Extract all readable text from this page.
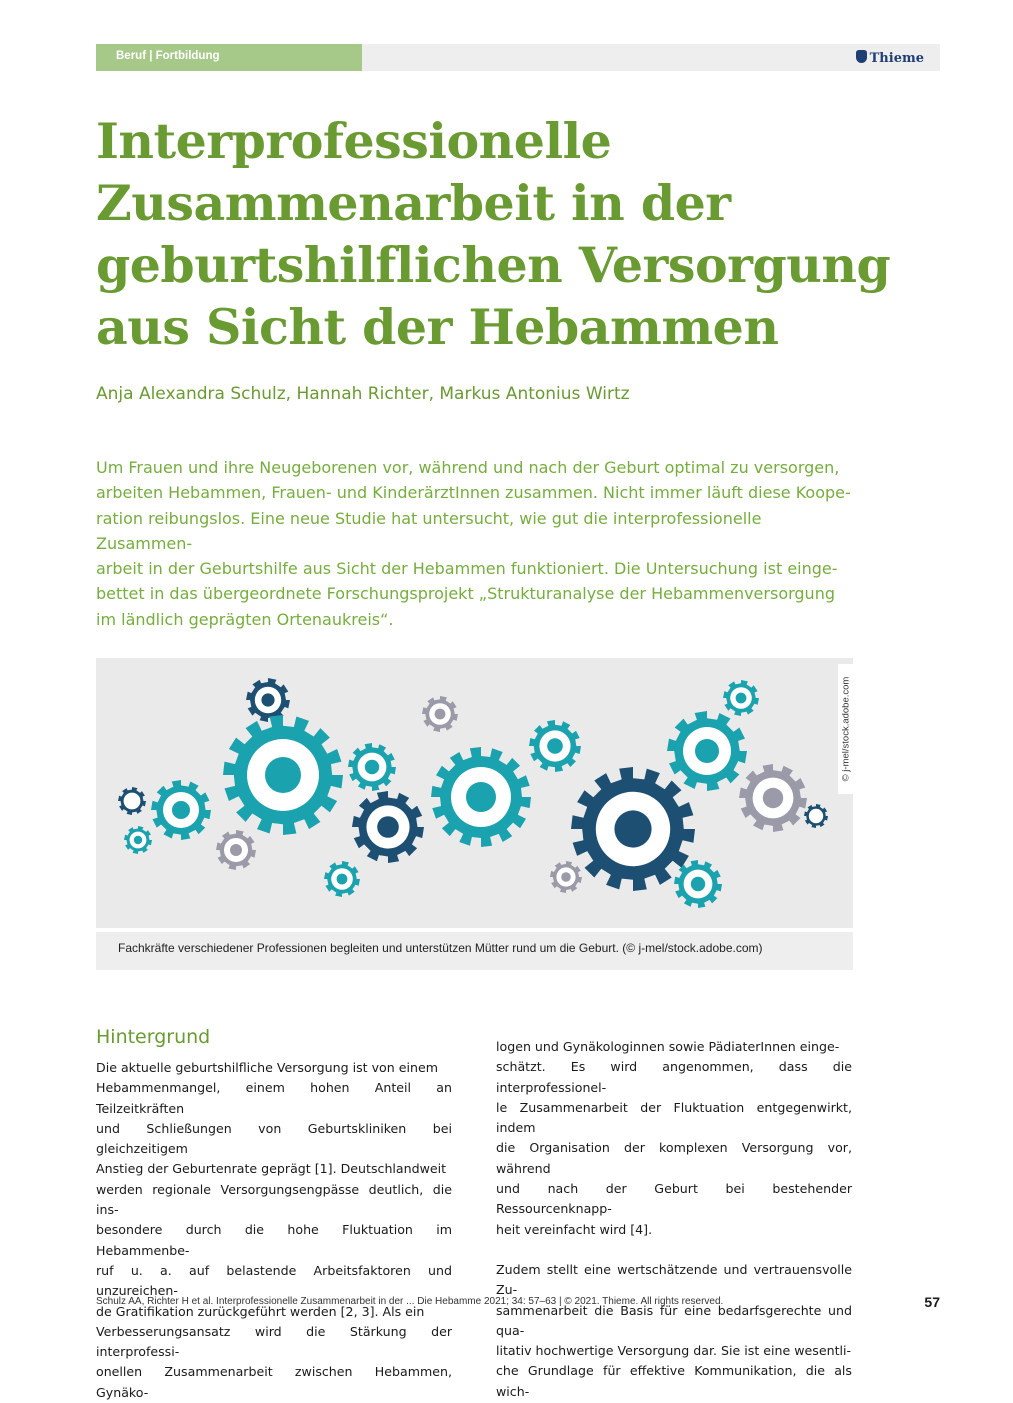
Beruf | Fortbildung	Thieme
Interprofessionelle
Zusammenarbeit in der
geburtshilflichen Versorgung
aus Sicht der Hebammen
Anja Alexandra Schulz, Hannah Richter, Markus Antonius Wirtz
Um Frauen und ihre Neugeborenen vor, während und nach der Geburt optimal zu versorgen,
arbeiten Hebammen, Frauen- und KinderärztInnen zusammen. Nicht immer läuft diese Koope-
ration reibungslos. Eine neue Studie hat untersucht, wie gut die interprofessionelle Zusammen-
arbeit in der Geburtshilfe aus Sicht der Hebammen funktioniert. Die Untersuchung ist einge-
bettet in das übergeordnete Forschungsprojekt „Strukturanalyse der Hebammenversorgung
im ländlich geprägten Ortenaukreis“.
© j-mel/stock.adobe.com
Fachkräfte verschiedener Professionen begleiten und unterstützen Mütter rund um die Geburt. (© j-mel/stock.adobe.com)
Hintergrund
Die aktuelle geburtshilfliche Versorgung ist von einem
Hebammenmangel, einem hohen Anteil an Teilzeitkräften
und Schließungen von Geburtskliniken bei gleichzeitigem
Anstieg der Geburtenrate geprägt [1]. Deutschlandweit
werden regionale Versorgungsengpässe deutlich, die ins-
besondere durch die hohe Fluktuation im Hebammenbe-
ruf u. a. auf belastende Arbeitsfaktoren und unzureichen-
de Gratifikation zurückgeführt werden [2, 3]. Als ein
Verbesserungsansatz wird die Stärkung der interprofessi-
onellen Zusammenarbeit zwischen Hebammen, Gynäko-
logen und Gynäkologinnen sowie PädiaterInnen einge-
schätzt. Es wird angenommen, dass die interprofessionel-
le Zusammenarbeit der Fluktuation entgegenwirkt, indem
die Organisation der komplexen Versorgung vor, während
und nach der Geburt bei bestehender Ressourcenknapp-
heit vereinfacht wird [4].
Zudem stellt eine wertschätzende und vertrauensvolle Zu-
sammenarbeit die Basis für eine bedarfsgerechte und qua-
litativ hochwertige Versorgung dar. Sie ist eine wesentli-
che Grundlage für effektive Kommunikation, die als wich-
Schulz AA, Richter H et al. Interprofessionelle Zusammenarbeit in der ... Die Hebamme 2021; 34: 57–63 | © 2021. Thieme. All rights reserved.	57
